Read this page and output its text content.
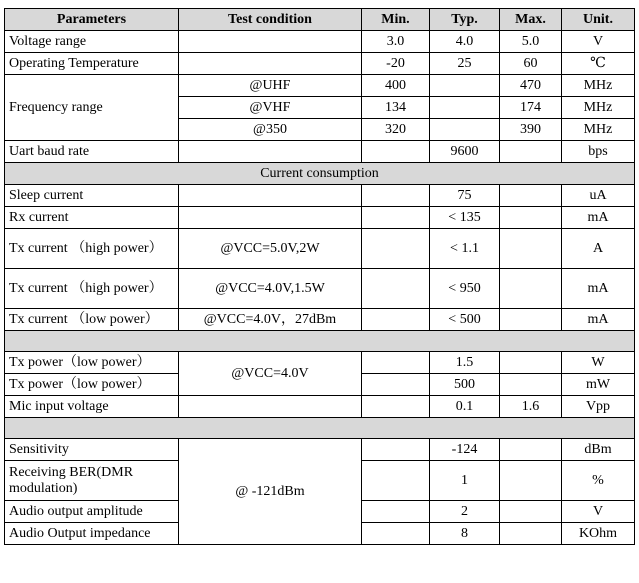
Parameters	Test condition	Min.	Typ.	Max.	Unit.
Voltage range		3.0	4.0	5.0	V
Operating Temperature		-20	25	60	℃
Frequency range	@UHF	400		470	MHz
	@VHF	134		174	MHz
	@350	320		390	MHz
Uart baud rate			9600		bps
Current consumption					
Sleep current			75		uA
Rx current			< 135		mA
Tx current （high power）	@VCC=5.0V,2W		< 1.1		A
Tx current （high power）	@VCC=4.0V,1.5W		< 950		mA
Tx current （low power）	@VCC=4.0V，27dBm		< 500		mA

Tx power（low power）	@VCC=4.0V		1.5		W
Tx power（low power）			500		mW
Mic input voltage			0.1	1.6	Vpp

Sensitivity	@ -121dBm		-124		dBm
Receiving BER(DMR modulation)			1		%
Audio output amplitude			2		V
Audio Output impedance			8		KOhm
